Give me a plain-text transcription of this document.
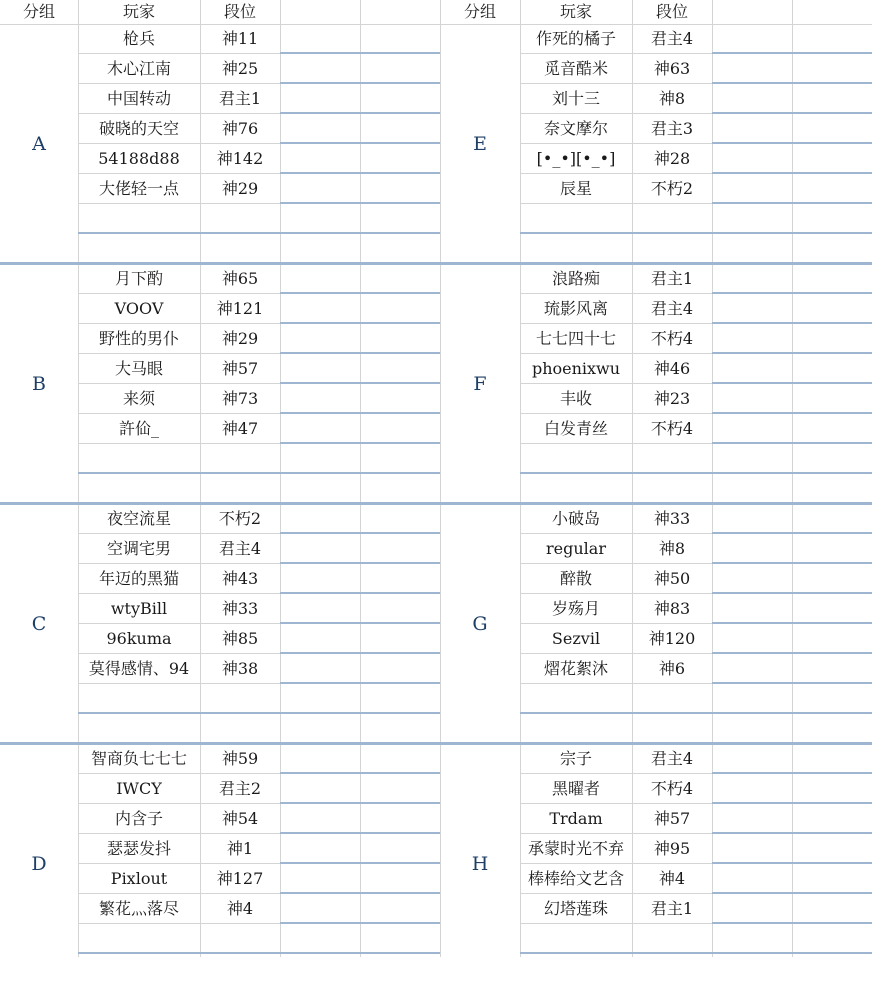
分组	玩家	段位	分组	玩家	段位
A
枪兵	神11
木心江南	神25
中国转动	君主1
破晓的天空	神76
54188d88	神142
大佬轻一点	神29
B
月下酌	神65
VOOV	神121
野性的男仆	神29
大马眼	神57
来须	神73
許佡_	神47
C
夜空流星	不朽2
空调宅男	君主4
年迈的黑猫	神43
wtyBill	神33
96kuma	神85
莫得感情、94	神38
D
智商负七七七	神59
IWCY	君主2
内含子	神54
瑟瑟发抖	神1
Pixlout	神127
繁花灬落尽	神4
E
作死的橘子	君主4
觅音酷米	神63
刘十三	神8
奈文摩尔	君主3
[•_•][•_•]	神28
辰星	不朽2
F
浪路痴	君主1
琉影风离	君主4
七七四十七	不朽4
phoenixwu	神46
丰收	神23
白发青丝	不朽4
G
小破岛	神33
regular	神8
醉散	神50
岁殇月	神83
Sezvil	神120
熠花絮沐	神6
H
宗子	君主4
黑曜者	不朽4
Trdam	神57
承蒙时光不弃	神95
棒棒给文艺含	神4
幻塔莲珠	君主1
